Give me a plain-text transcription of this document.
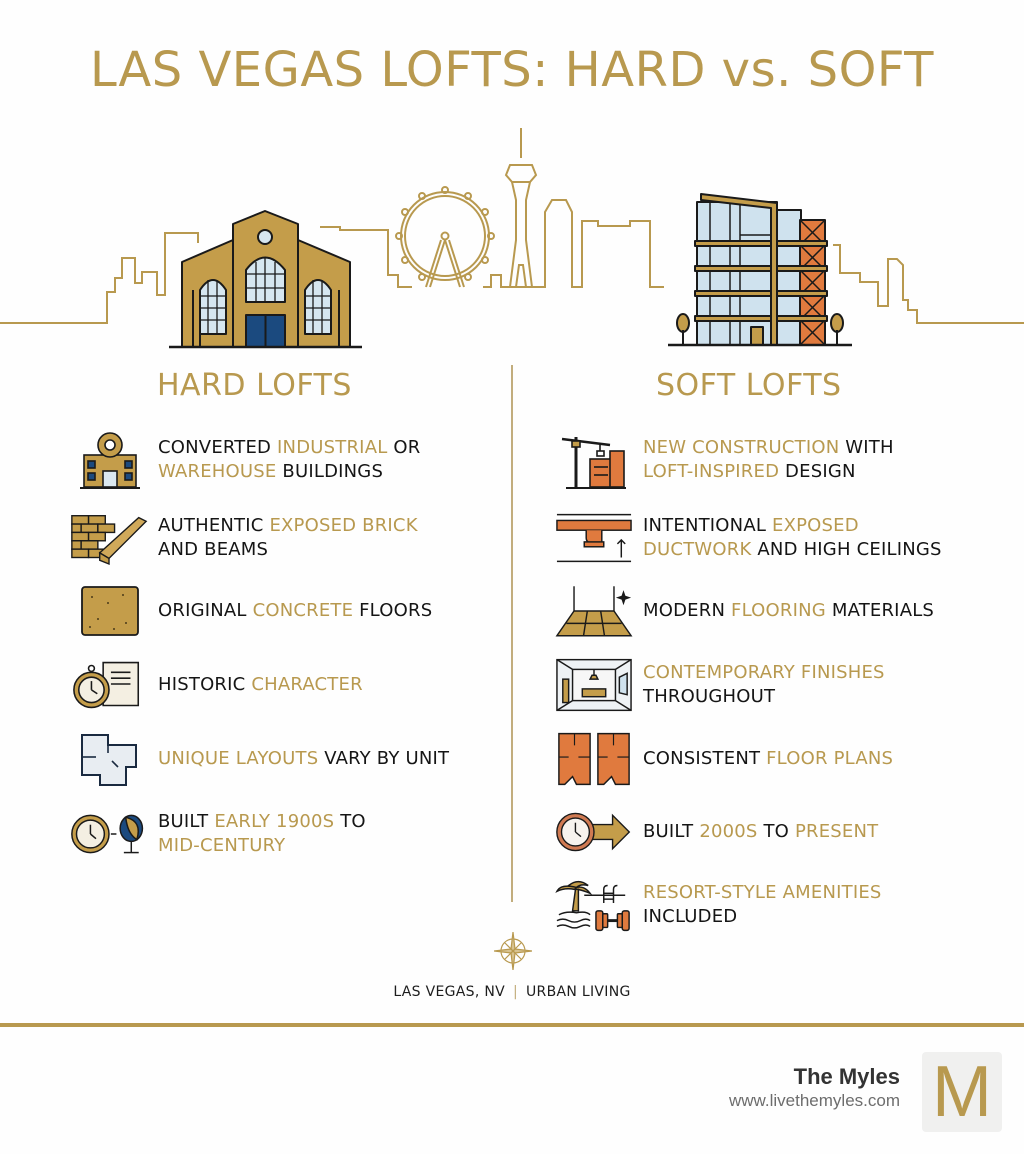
LAS VEGAS LOFTS: HARD vs. SOFT
HARD LOFTS	SOFT LOFTS
CONVERTED INDUSTRIAL OR
WAREHOUSE BUILDINGS
AUTHENTIC EXPOSED BRICK
AND BEAMS
ORIGINAL CONCRETE FLOORS
HISTORIC CHARACTER
UNIQUE LAYOUTS VARY BY UNIT
BUILT EARLY 1900S TO
MID-CENTURY
NEW CONSTRUCTION WITH
LOFT-INSPIRED DESIGN
INTENTIONAL EXPOSED
DUCTWORK AND HIGH CEILINGS
MODERN FLOORING MATERIALS
CONTEMPORARY FINISHES
THROUGHOUT
CONSISTENT FLOOR PLANS
BUILT 2000S TO PRESENT
RESORT-STYLE AMENITIES
INCLUDED
LAS VEGAS, NV | URBAN LIVING
The Myles
www.livethemyles.com M
